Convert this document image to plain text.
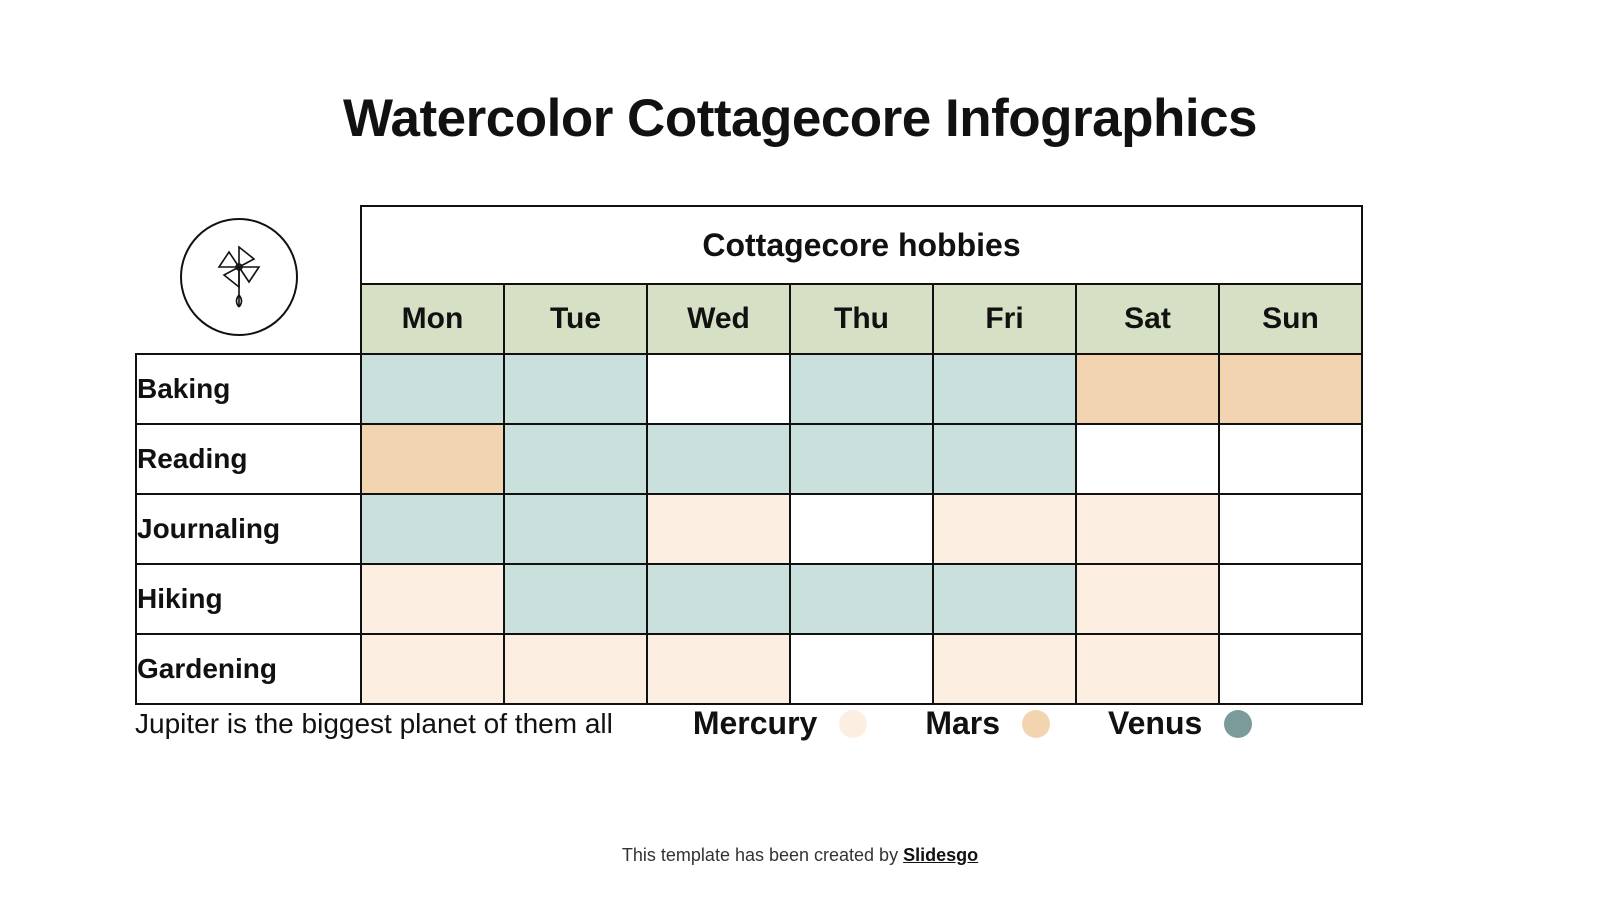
Watercolor Cottagecore Infographics
	Cottagecore hobbies						
	Mon	Tue	Wed	Thu	Fri	Sat	Sun
Baking							
Reading							
Journaling							
Hiking							
Gardening							
Jupiter is the biggest planet of them all	Mercury	Mars	Venus
This template has been created by Slidesgo
